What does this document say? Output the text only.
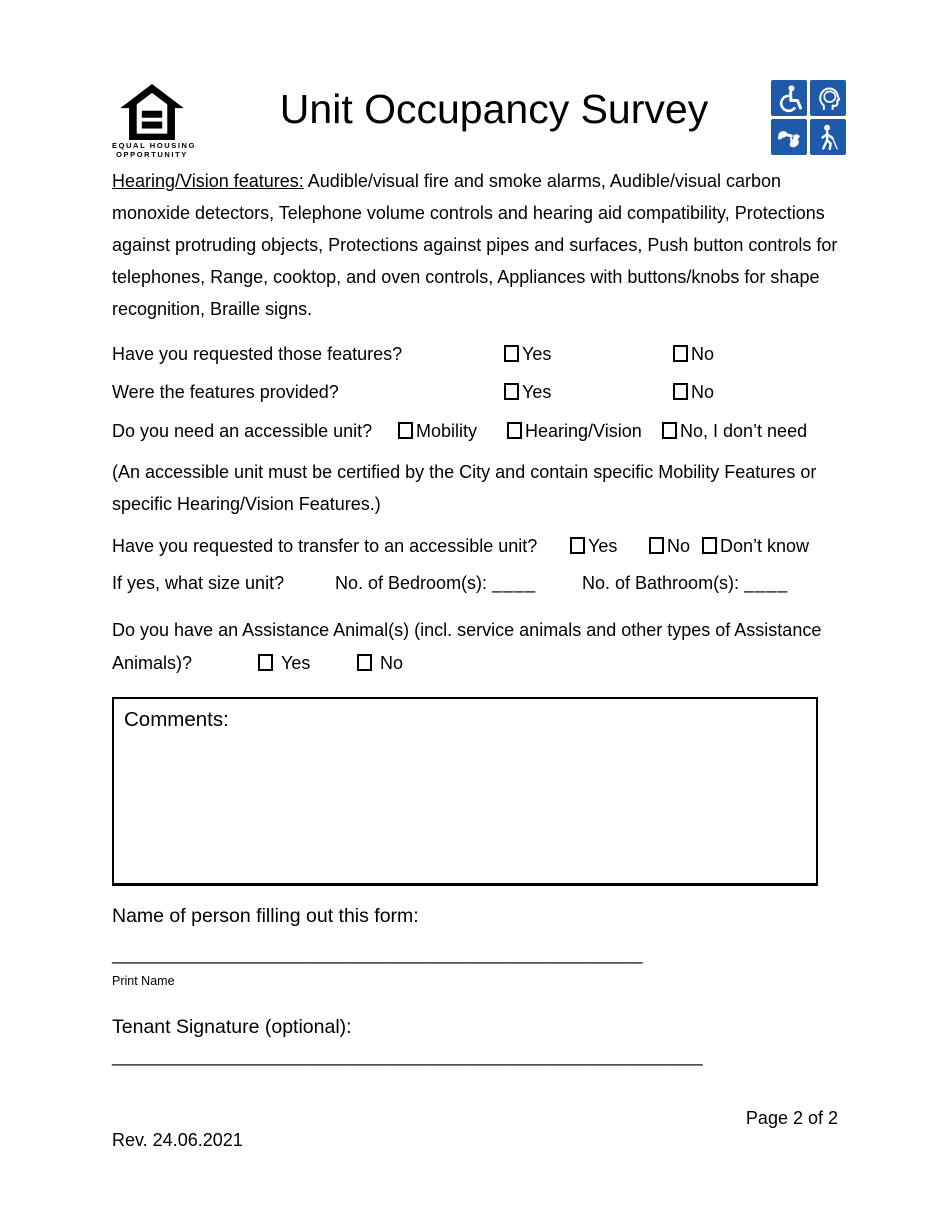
EQUAL HOUSING
OPPORTUNITY
Unit Occupancy Survey
Hearing/Vision features: Audible/visual fire and smoke alarms, Audible/visual carbon monoxide detectors, Telephone volume controls and hearing aid compatibility, Protections against protruding objects, Protections against pipes and surfaces, Push button controls for telephones, Range, cooktop, and oven controls, Appliances with buttons/knobs for shape recognition, Braille signs.
Have you requested those features?	Yes	No
Were the features provided?	Yes	No
Do you need an accessible unit?	Mobility	Hearing/Vision	No, I don’t need
(An accessible unit must be certified by the City and contain specific Mobility Features or specific Hearing/Vision Features.)
Have you requested to transfer to an accessible unit?	Yes	No	Don’t know
If yes, what size unit?	No. of Bedroom(s): ____	No. of Bathroom(s): ____
Do you have an Assistance Animal(s) (incl. service animals and other types of Assistance
Animals)?	Yes	No
Comments:
Name of person filling out this form:
_____________________________________________________
Print Name
Tenant Signature (optional):
___________________________________________________________
Page 2 of 2
Rev. 24.06.2021
